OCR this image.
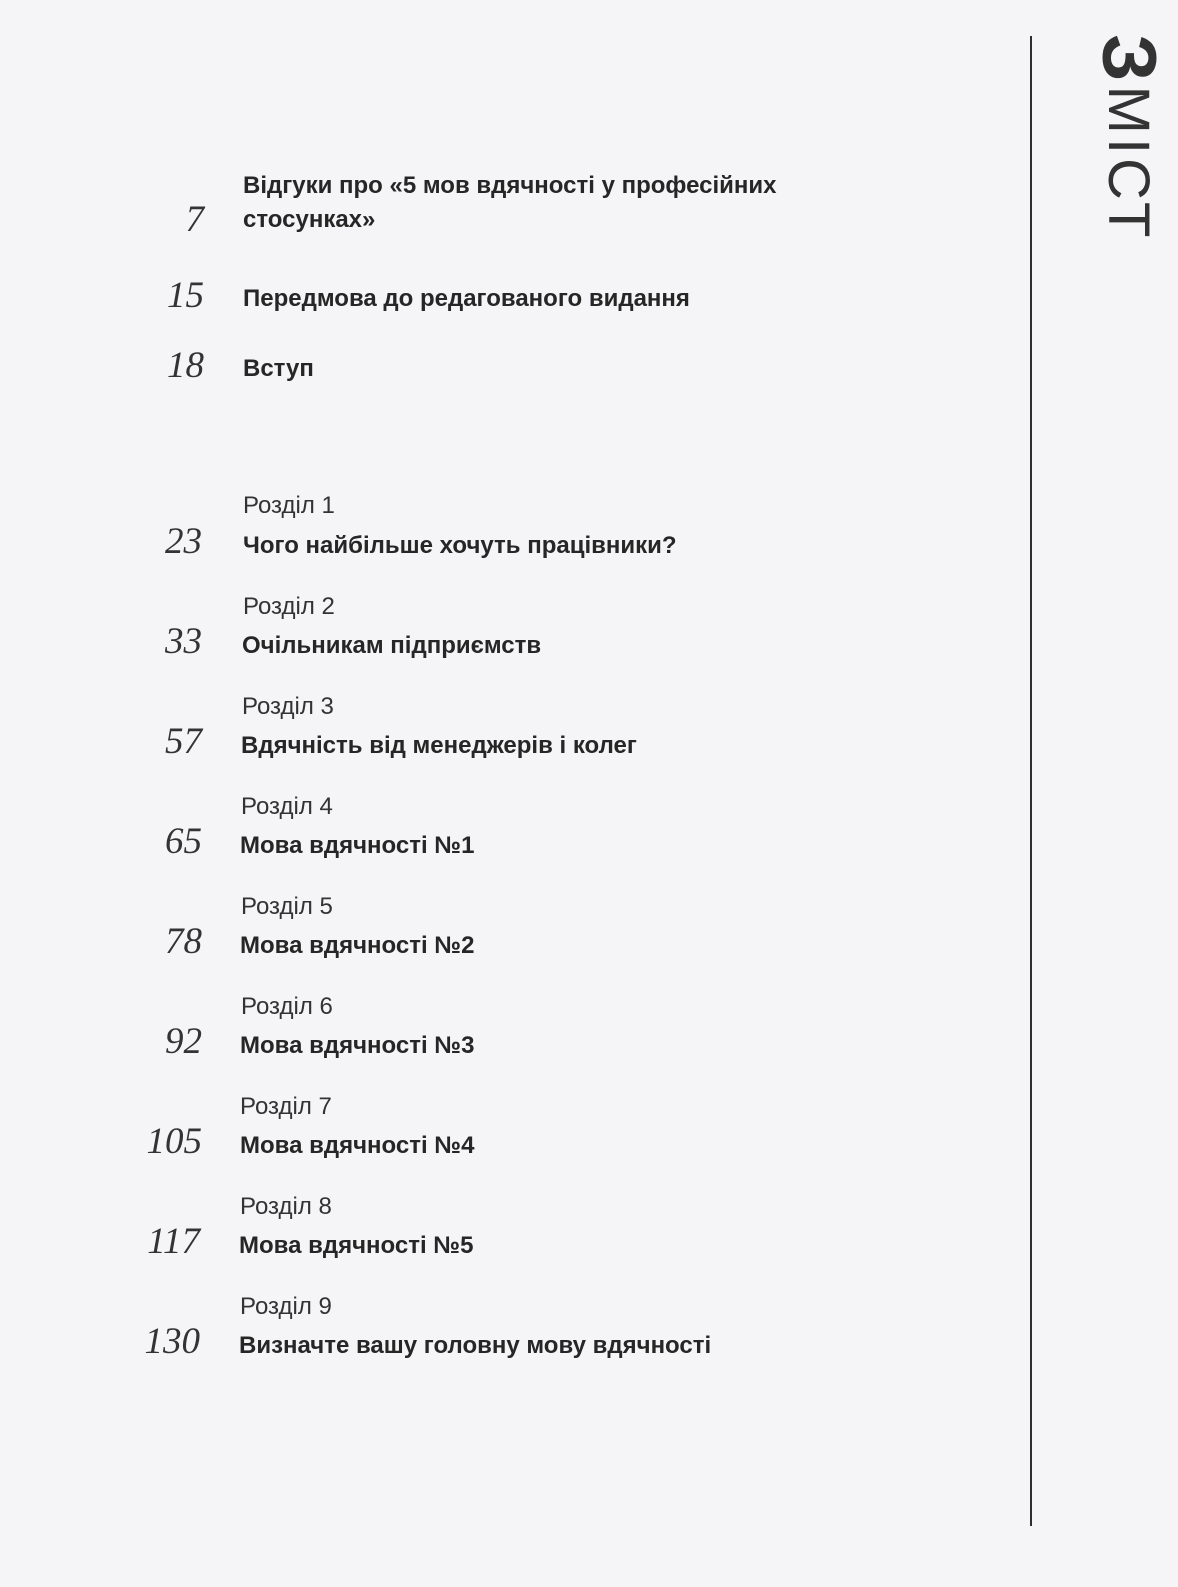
ЗМІСТ
7
Відгуки про «5 мов вдячності у професійних
стосунках»
15 Передмова до редагованого видання
18 Вступ
Розділ 1
23 Чого найбільше хочуть працівники?
Розділ 2
33 Очільникам підприємств
Розділ 3
57 Вдячність від менеджерів і колег
Розділ 4
65 Мова вдячності №1
Розділ 5
78 Мова вдячності №2
Розділ 6
92 Мова вдячності №3
Розділ 7
105 Мова вдячності №4
Розділ 8
117 Мова вдячності №5
Розділ 9
130 Визначте вашу головну мову вдячності
